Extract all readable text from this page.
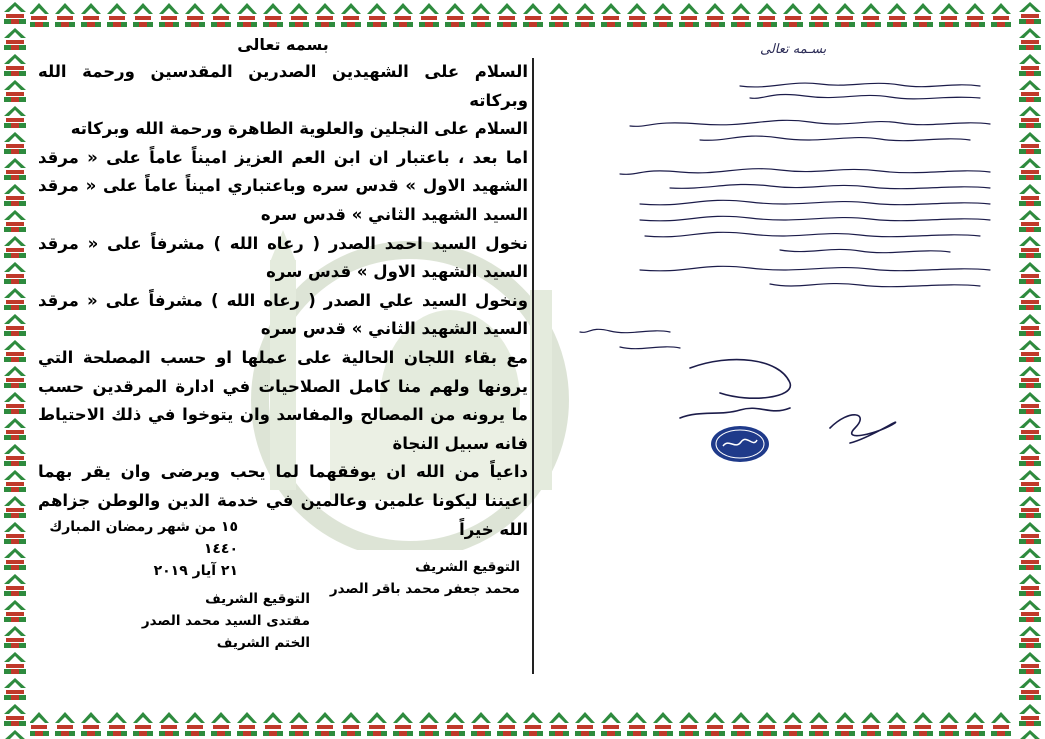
بسمه تعالى

السلام على الشهيدين الصدرين المقدسين ورحمة الله وبركاته

السلام على النجلين والعلوية الطاهرة ورحمة الله وبركاته

اما بعد ، باعتبار ان ابن العم العزيز اميناً عاماً على « مرقد الشهيد الاول » قدس سره وباعتباري اميناً عاماً على « مرقد السيد الشهيد الثاني » قدس سره

نخول السيد احمد الصدر ( رعاه الله ) مشرفاً على « مرقد السيد الشهيد الاول » قدس سره

ونخول السيد علي الصدر ( رعاه الله ) مشرفاً على « مرقد السيد الشهيد الثاني » قدس سره

مع بقاء اللجان الحالية على عملها او حسب المصلحة التي يرونها ولهم منا كامل الصلاحيات في ادارة المرقدين حسب ما يرونه من المصالح والمفاسد وان يتوخوا في ذلك الاحتياط فانه سبيل النجاة

داعياً من الله ان يوفقهما لما يحب ويرضى وان يقر بهما اعيننا ليكونا علمين وعالمين في خدمة الدين والوطن جزاهم الله خيراً

١٥ من شهر رمضان المبارك ١٤٤٠
٢١ آيار ٢٠١٩	التوقيع الشريف
محمد جعفر محمد باقر الصدر
التوقيع الشريف
مقتدى السيد محمد الصدر
الختم الشريف
بسـمه تعالى
